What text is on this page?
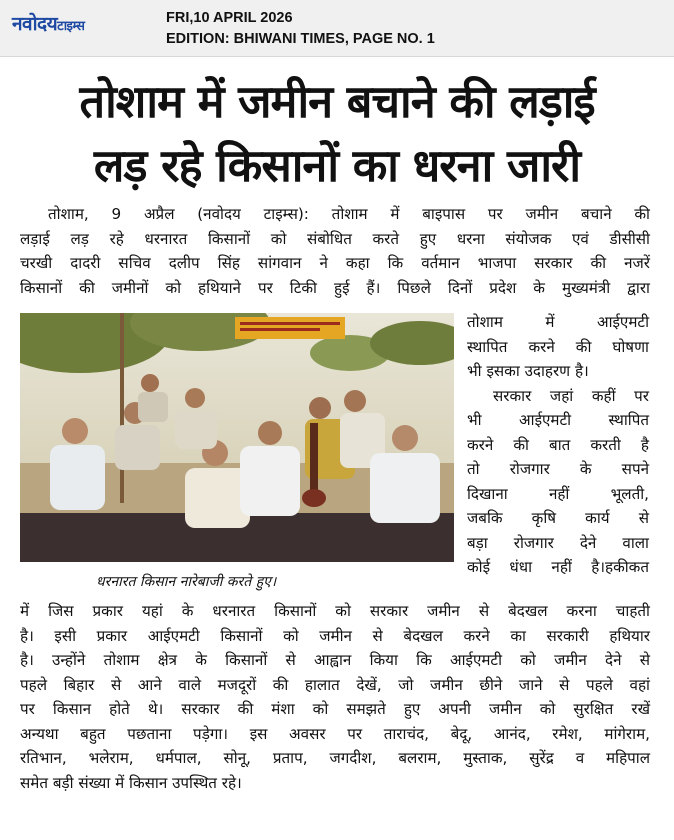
नवोदयटाइम्स
FRI,10 APRIL 2026
EDITION: BHIWANI TIMES, PAGE NO. 1
तोशाम में जमीन बचाने की लड़ाई
लड़ रहे किसानों का धरना जारी
तोशाम, 9 अप्रैल (नवोदय टाइम्स): तोशाम में बाइपास पर जमीन बचाने की
लड़ाई लड़ रहे धरनारत किसानों को संबोधित करते हुए धरना संयोजक एवं डीसीसी
चरखी दादरी सचिव दलीप सिंह सांगवान ने कहा कि वर्तमान भाजपा सरकार की नजरें
किसानों की जमीनों को हथियाने पर टिकी हुई हैं। पिछले दिनों प्रदेश के मुख्यमंत्री द्वारा
धरनारत किसान नारेबाजी करते हुए।
तोशाम में आईएमटी
स्थापित करने की घोषणा
भी इसका उदाहरण है।
सरकार जहां कहीं पर
भी आईएमटी स्थापित
करने की बात करती है
तो रोजगार के सपने
दिखाना नहीं भूलती,
जबकि कृषि कार्य से
बड़ा रोजगार देने वाला
कोई धंधा नहीं है।हकीकत
में जिस प्रकार यहां के धरनारत किसानों को सरकार जमीन से बेदखल करना चाहती
है। इसी प्रकार आईएमटी किसानों को जमीन से बेदखल करने का सरकारी हथियार
है। उन्होंने तोशाम क्षेत्र के किसानों से आह्वान किया कि आईएमटी को जमीन देने से
पहले बिहार से आने वाले मजदूरों की हालात देखें, जो जमीन छीने जाने से पहले वहां
पर किसान होते थे। सरकार की मंशा को समझते हुए अपनी जमीन को सुरक्षित रखें
अन्यथा बहुत पछताना पड़ेगा। इस अवसर पर ताराचंद, बेदू, आनंद, रमेश, मांगेराम,
रतिभान, भलेराम, धर्मपाल, सोनू, प्रताप, जगदीश, बलराम, मुस्ताक, सुरेंद्र व महिपाल
समेत बड़ी संख्या में किसान उपस्थित रहे।
